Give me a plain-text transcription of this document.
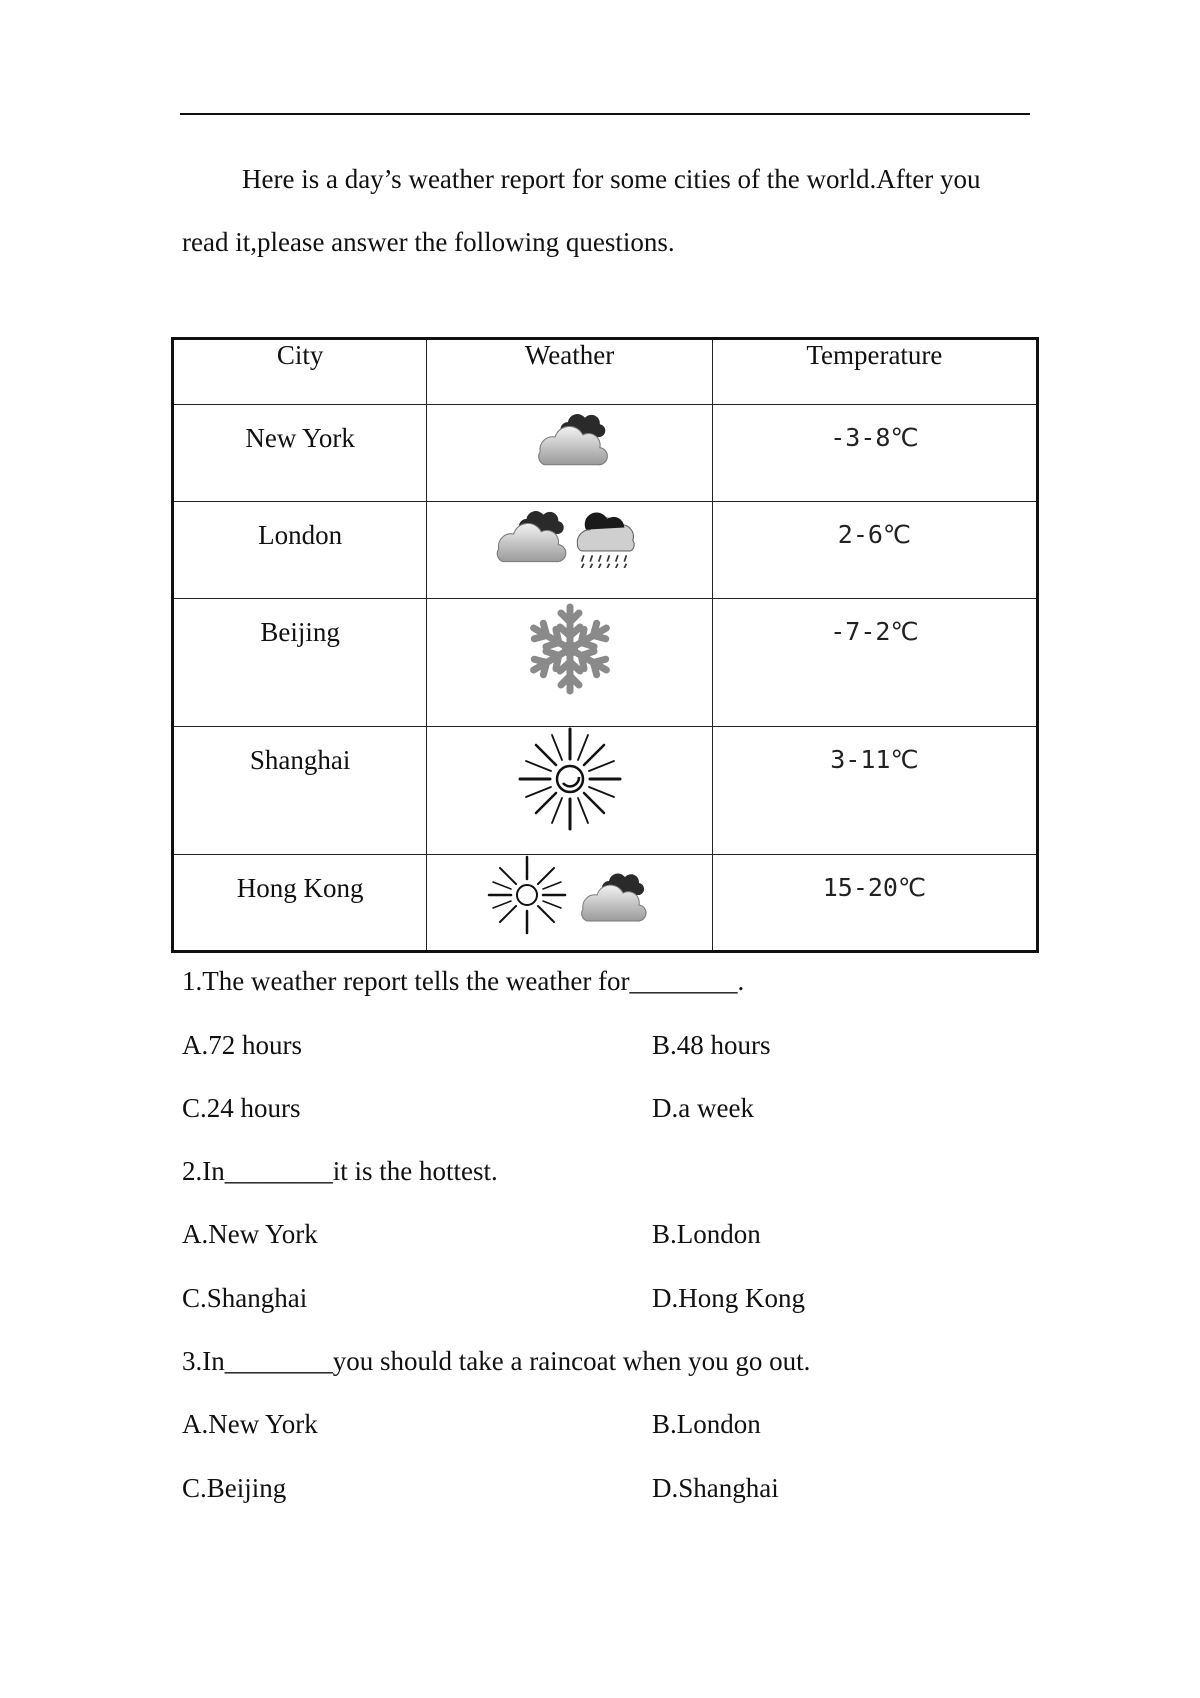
Here is a day’s weather report for some cities of the world.After you read it,please answer the following questions.

City	Weather	Temperature

New York		-3-8℃

London		2-6℃

Beijing		-7-2℃

Shanghai		3-11℃

Hong Kong		15-20℃

1.The weather report tells the weather for________.

A.72 hours	B.48 hours
C.24 hours	D.a week

2.In________it is the hottest.

A.New York	B.London
C.Shanghai	D.Hong Kong

3.In________you should take a raincoat when you go out.

A.New York	B.London
C.Beijing	D.Shanghai
